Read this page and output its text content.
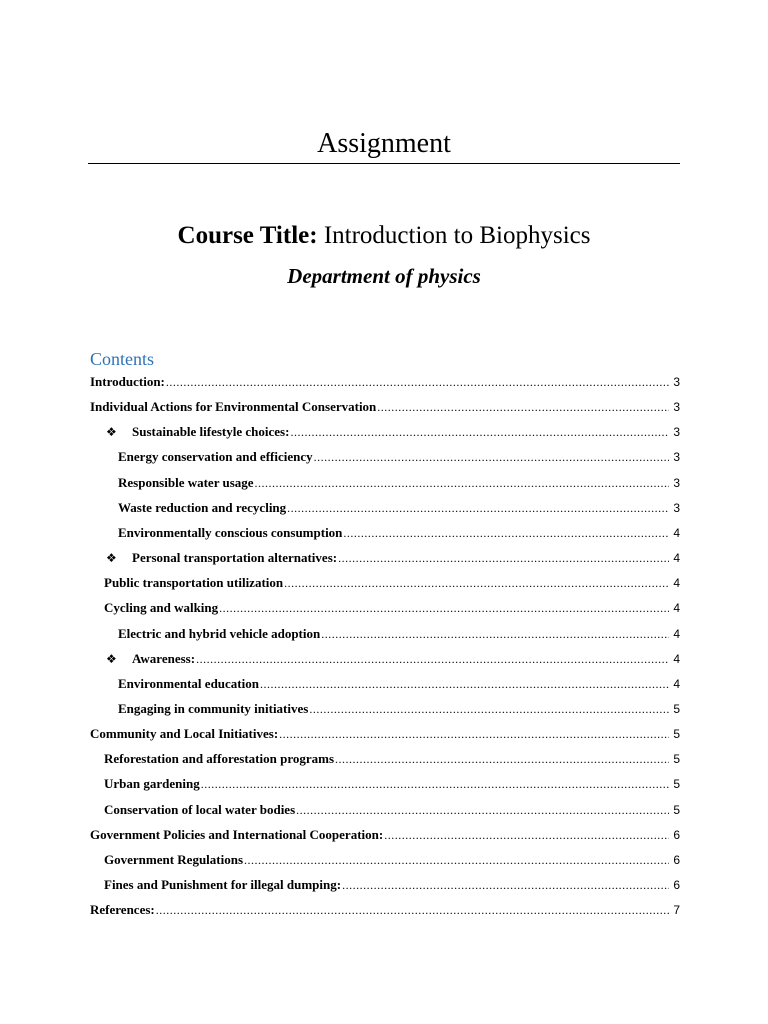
Assignment
Course Title: Introduction to Biophysics
Department of physics
Contents
Introduction: .....	3
Individual Actions for Environmental Conservation .....	3
❖	Sustainable lifestyle choices: .....	3
Energy conservation and efficiency .....	3
Responsible water usage .....	3
Waste reduction and recycling .....	3
Environmentally conscious consumption .....	4
❖	Personal transportation alternatives: .....	4
Public transportation utilization .....	4
Cycling and walking .....	4
Electric and hybrid vehicle adoption .....	4
❖	Awareness: .....	4
Environmental education .....	4
Engaging in community initiatives .....	5
Community and Local Initiatives: .....	5
Reforestation and afforestation programs .....	5
Urban gardening .....	5
Conservation of local water bodies .....	5
Government Policies and International Cooperation: .....	6
Government Regulations .....	6
Fines and Punishment for illegal dumping: .....	6
References: .....	7
